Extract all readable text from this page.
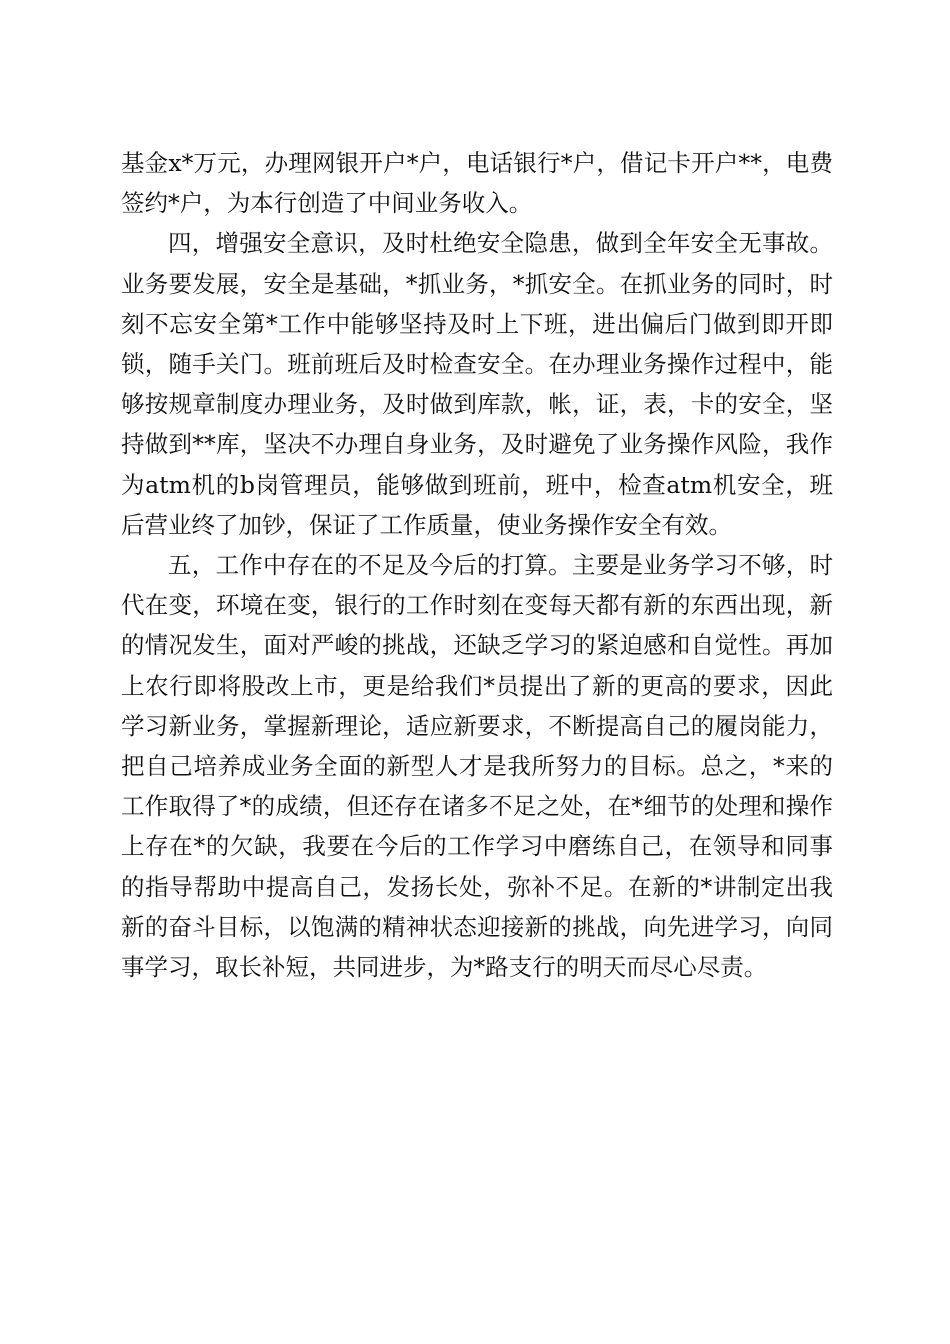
基金x*万元，办理网银开户*户，电话银行*户，借记卡开户**，电费签约*户，为本行创造了中间业务收入。

四，增强安全意识，及时杜绝安全隐患，做到全年安全无事故。业务要发展，安全是基础，*抓业务，*抓安全。在抓业务的同时，时刻不忘安全第*工作中能够坚持及时上下班，进出偏后门做到即开即锁，随手关门。班前班后及时检查安全。在办理业务操作过程中，能够按规章制度办理业务，及时做到库款，帐，证，表，卡的安全，坚持做到**库，坚决不办理自身业务，及时避免了业务操作风险，我作为atm机的b岗管理员，能够做到班前，班中，检查atm机安全，班后营业终了加钞，保证了工作质量，使业务操作安全有效。

五，工作中存在的不足及今后的打算。主要是业务学习不够，时代在变，环境在变，银行的工作时刻在变每天都有新的东西出现，新的情况发生，面对严峻的挑战，还缺乏学习的紧迫感和自觉性。再加上农行即将股改上市，更是给我们*员提出了新的更高的要求，因此学习新业务，掌握新理论，适应新要求，不断提高自己的履岗能力，把自己培养成业务全面的新型人才是我所努力的目标。总之，*来的工作取得了*的成绩，但还存在诸多不足之处，在*细节的处理和操作上存在*的欠缺，我要在今后的工作学习中磨练自己，在领导和同事的指导帮助中提高自己，发扬长处，弥补不足。在新的*讲制定出我新的奋斗目标，以饱满的精神状态迎接新的挑战，向先进学习，向同事学习，取长补短，共同进步，为*路支行的明天而尽心尽责。
